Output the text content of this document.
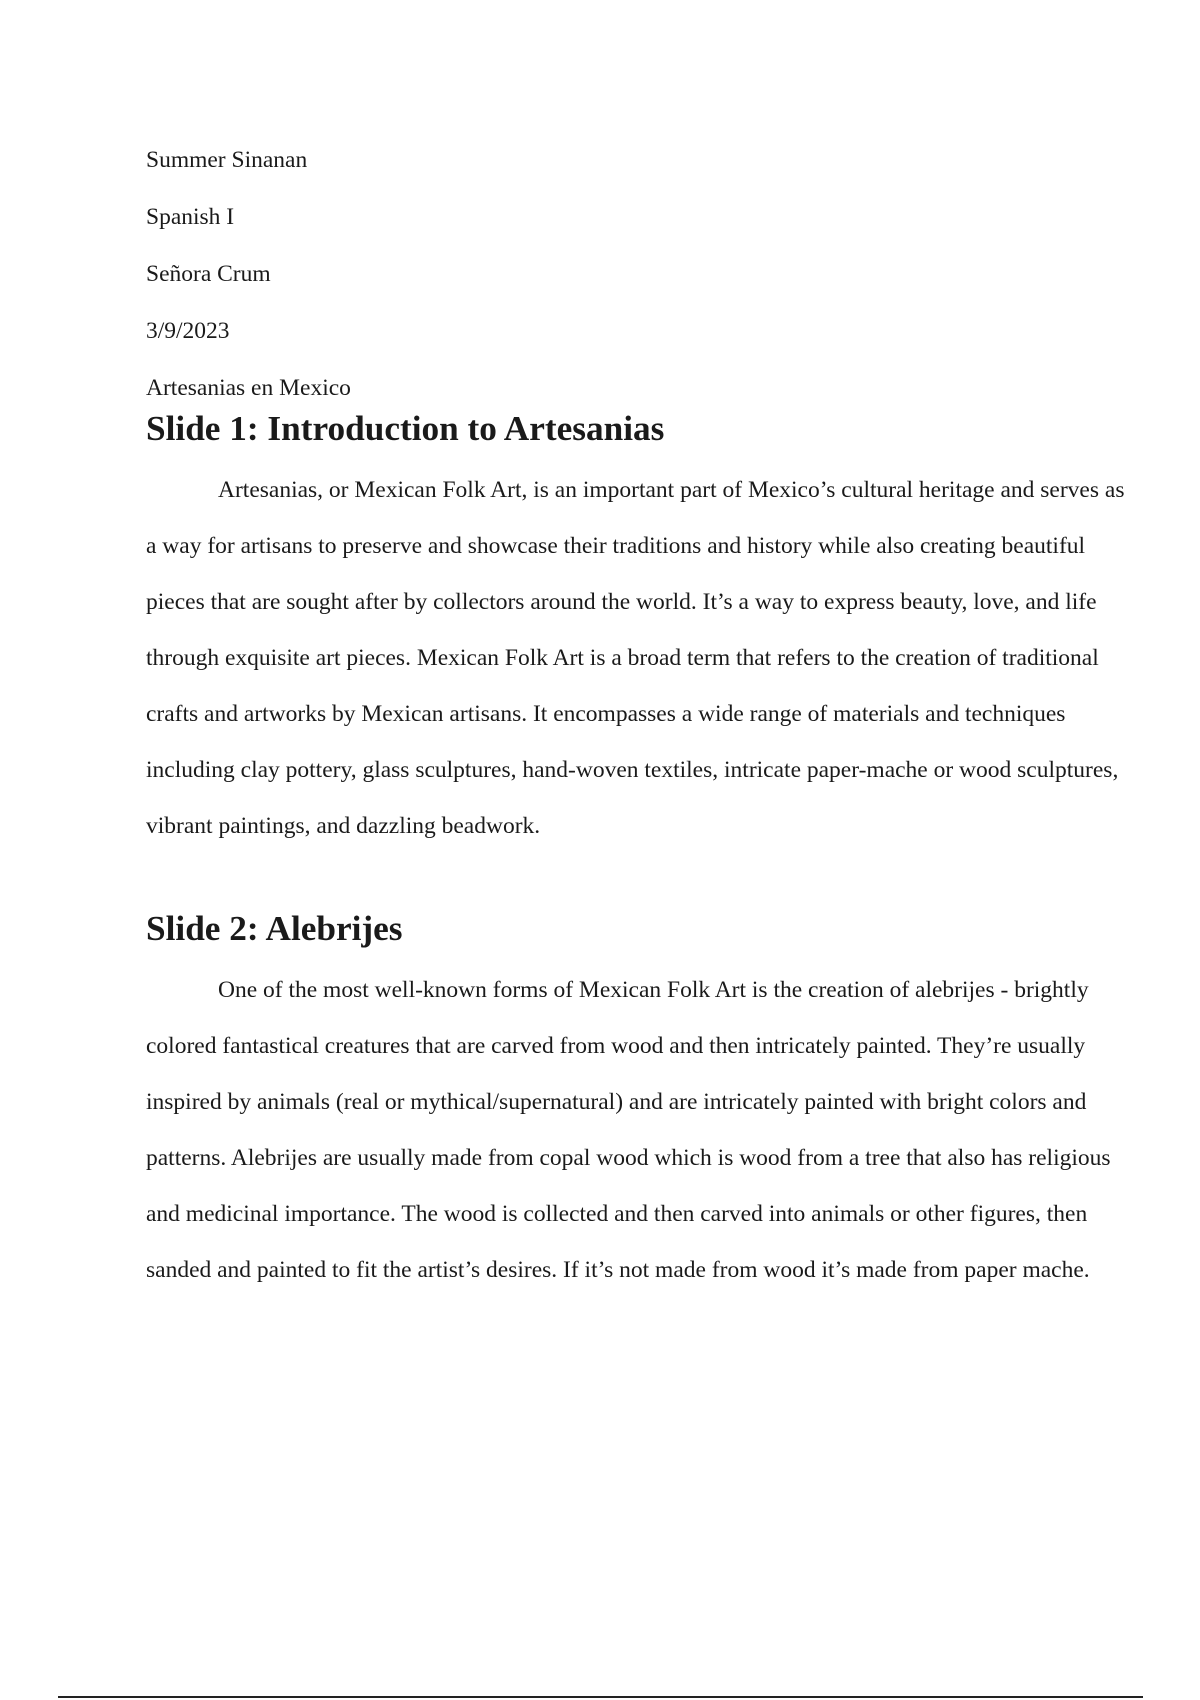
Summer Sinanan

Spanish I

Señora Crum

3/9/2023

Artesanias en Mexico

Slide 1: Introduction to Artesanias

Artesanias, or Mexican Folk Art, is an important part of Mexico’s cultural heritage and serves as a way for artisans to preserve and showcase their traditions and history while also creating beautiful pieces that are sought after by collectors around the world. It’s a way to express beauty, love, and life through exquisite art pieces. Mexican Folk Art is a broad term that refers to the creation of traditional crafts and artworks by Mexican artisans. It encompasses a wide range of materials and techniques including clay pottery, glass sculptures, hand-woven textiles, intricate paper-mache or wood sculptures, vibrant paintings, and dazzling beadwork.

Slide 2: Alebrijes

One of the most well-known forms of Mexican Folk Art is the creation of alebrijes - brightly colored fantastical creatures that are carved from wood and then intricately painted. They’re usually inspired by animals (real or mythical/supernatural) and are intricately painted with bright colors and patterns. Alebrijes are usually made from copal wood which is wood from a tree that also has religious and medicinal importance. The wood is collected and then carved into animals or other figures, then sanded and painted to fit the artist’s desires. If it’s not made from wood it’s made from paper mache.
